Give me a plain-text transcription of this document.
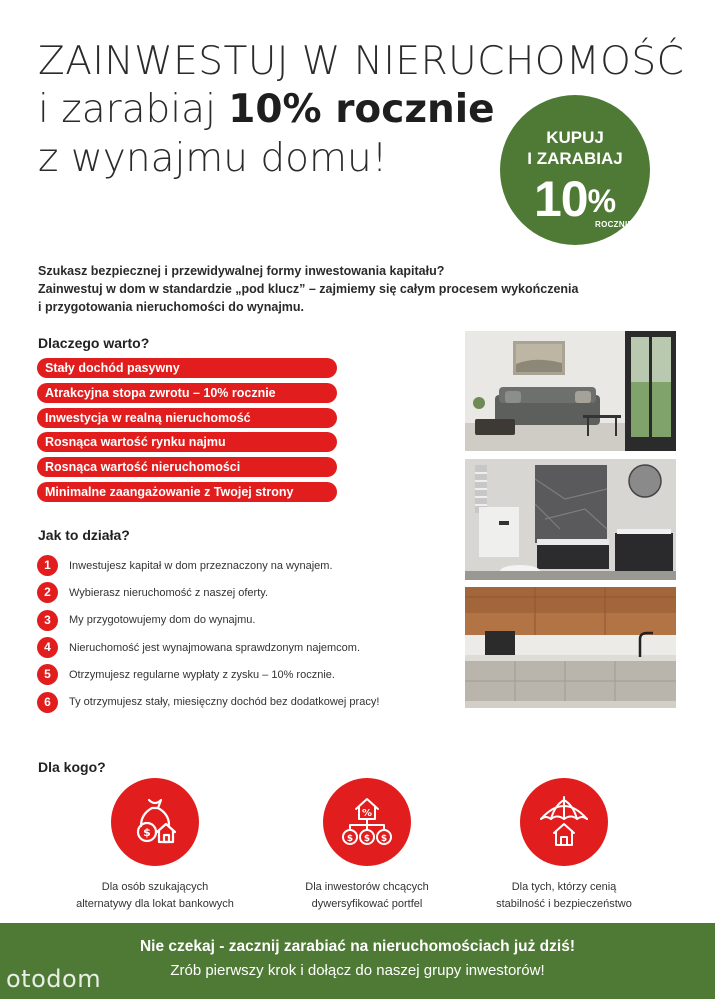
ZAINWESTUJ W NIERUCHOMOŚĆ
i zarabiaj 10% rocznie
z wynajmu domu!	KUPUJ
I ZARABIAJ
10%
ROCZNIE
Szukasz bezpiecznej i przewidywalnej formy inwestowania kapitału?
Zainwestuj w dom w standardzie „pod klucz” – zajmiemy się całym procesem wykończenia
i przygotowania nieruchomości do wynajmu.
Dlaczego warto?
Stały dochód pasywny
Atrakcyjna stopa zwrotu – 10% rocznie
Inwestycja w realną nieruchomość
Rosnąca wartość rynku najmu
Rosnąca wartość nieruchomości
Minimalne zaangażowanie z Twojej strony
Jak to działa?
1	Inwestujesz kapitał w dom przeznaczony na wynajem.
2	Wybierasz nieruchomość z naszej oferty.
3	My przygotowujemy dom do wynajmu.
4	Nieruchomość jest wynajmowana sprawdzonym najemcom.
5	Otrzymujesz regularne wypłaty z zysku – 10% rocznie.
6	Ty otrzymujesz stały, miesięczny dochód bez dodatkowej pracy!
Dla kogo?
$
Dla osób szukających
alternatywy dla lokat bankowych
%
$ $ $
Dla inwestorów chcących
dywersyfikować portfel
Dla tych, którzy cenią
stabilność i bezpieczeństwo
Nie czekaj - zacznij zarabiać na nieruchomościach już dziś!
Zrób pierwszy krok i dołącz do naszej grupy inwestorów!
otodom
